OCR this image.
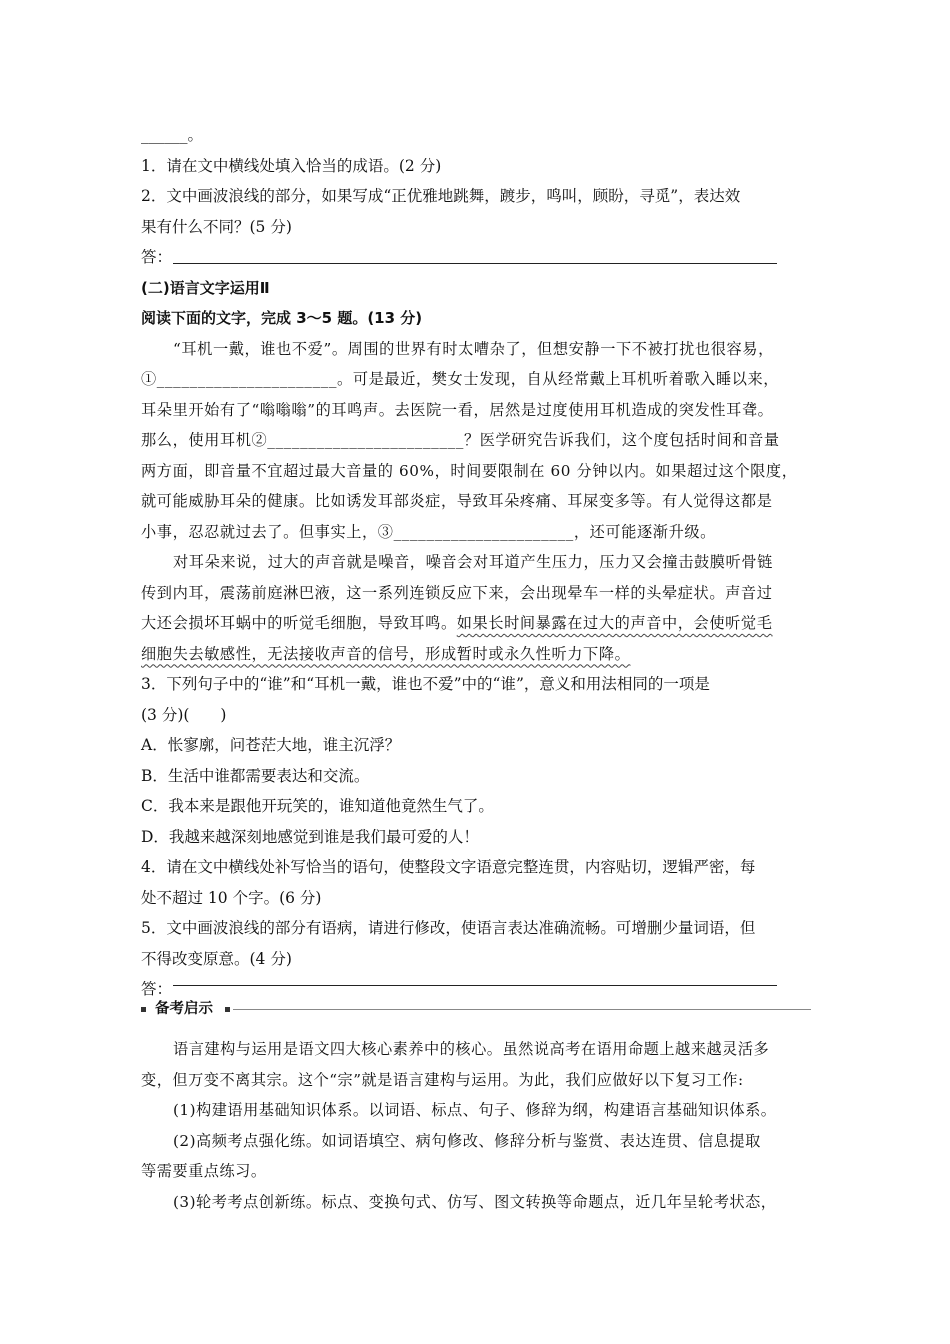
______。
1．请在文中横线处填入恰当的成语。(2 分)
2．文中画波浪线的部分，如果写成“正优雅地跳舞，踱步，鸣叫，顾盼，寻觅”，表达效
果有什么不同？(5 分)
答：
(二)语言文字运用Ⅱ
阅读下面的文字，完成 3～5 题。(13 分)
“耳机一戴，谁也不爱”。周围的世界有时太嘈杂了，但想安静一下不被打扰也很容易，
①______________________。可是最近，樊女士发现，自从经常戴上耳机听着歌入睡以来，
耳朵里开始有了“嗡嗡嗡”的耳鸣声。去医院一看，居然是过度使用耳机造成的突发性耳聋。
那么，使用耳机②________________________？医学研究告诉我们，这个度包括时间和音量
两方面，即音量不宜超过最大音量的 60%，时间要限制在 60 分钟以内。如果超过这个限度，
就可能威胁耳朵的健康。比如诱发耳部炎症，导致耳朵疼痛、耳屎变多等。有人觉得这都是
小事，忍忍就过去了。但事实上，③______________________，还可能逐渐升级。
对耳朵来说，过大的声音就是噪音，噪音会对耳道产生压力，压力又会撞击鼓膜听骨链
传到内耳，震荡前庭淋巴液，这一系列连锁反应下来，会出现晕车一样的头晕症状。声音过
大还会损坏耳蜗中的听觉毛细胞，导致耳鸣。如果长时间暴露在过大的声音中，会使听觉毛
细胞失去敏感性，无法接收声音的信号，形成暂时或永久性听力下降。
3．下列句子中的“谁”和“耳机一戴，谁也不爱”中的“谁”，意义和用法相同的一项是
(3 分)(　　)
A．怅寥廓，问苍茫大地，谁主沉浮？
B．生活中谁都需要表达和交流。
C．我本来是跟他开玩笑的，谁知道他竟然生气了。
D．我越来越深刻地感觉到谁是我们最可爱的人！
4．请在文中横线处补写恰当的语句，使整段文字语意完整连贯，内容贴切，逻辑严密，每
处不超过 10 个字。(6 分)
5．文中画波浪线的部分有语病，请进行修改，使语言表达准确流畅。可增删少量词语，但
不得改变原意。(4 分)
答：
备考启示
语言建构与运用是语文四大核心素养中的核心。虽然说高考在语用命题上越来越灵活多
变，但万变不离其宗。这个“宗”就是语言建构与运用。为此，我们应做好以下复习工作:
(1)构建语用基础知识体系。以词语、标点、句子、修辞为纲，构建语言基础知识体系。
(2)高频考点强化练。如词语填空、病句修改、修辞分析与鉴赏、表达连贯、信息提取
等需要重点练习。
(3)轮考考点创新练。标点、变换句式、仿写、图文转换等命题点，近几年呈轮考状态，
